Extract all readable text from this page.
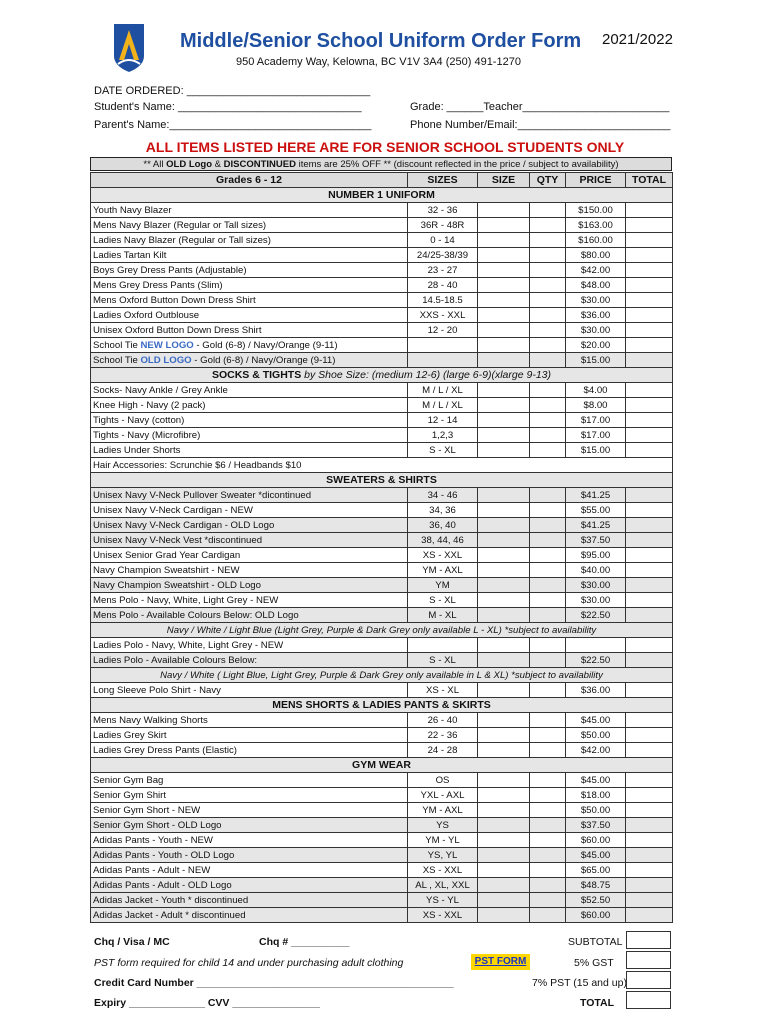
Middle/Senior School Uniform Order Form 2021/2022
950 Academy Way, Kelowna, BC V1V 3A4 (250) 491-1270
DATE ORDERED: ______________________________
Student's Name: ______________________________
Parent's Name:_________________________________
Grade: ______Teacher________________________
Phone Number/Email:_________________________
ALL ITEMS LISTED HERE ARE FOR SENIOR SCHOOL STUDENTS ONLY
** All OLD Logo & DISCONTINUED items are 25% OFF ** (discount reflected in the price / subject to availability)
Grades 6 - 12	SIZES	SIZE	QTY	PRICE	TOTAL
NUMBER 1 UNIFORM					
Youth Navy Blazer	32 - 36			$150.00	
Mens Navy Blazer (Regular or Tall sizes)	36R - 48R			$163.00	
Ladies Navy Blazer (Regular or Tall sizes)	0 - 14			$160.00	
Ladies Tartan Kilt	24/25-38/39			$80.00	
Boys Grey Dress Pants (Adjustable)	23 - 27			$42.00	
Mens Grey Dress Pants (Slim)	28 - 40			$48.00	
Mens Oxford Button Down Dress Shirt	14.5-18.5			$30.00	
Ladies Oxford Outblouse	XXS - XXL			$36.00	
Unisex Oxford Button Down Dress Shirt	12 - 20			$30.00	
School Tie NEW LOGO - Gold (6-8) / Navy/Orange (9-11)				$20.00	
School Tie OLD LOGO - Gold (6-8) / Navy/Orange (9-11)				$15.00	
SOCKS & TIGHTS by Shoe Size: (medium 12-6) (large 6-9)(xlarge 9-13)					
Socks- Navy Ankle / Grey Ankle	M / L / XL			$4.00	
Knee High - Navy (2 pack)	M / L / XL			$8.00	
Tights - Navy (cotton)	12 - 14			$17.00	
Tights - Navy (Microfibre)	1,2,3			$17.00	
Ladies Under Shorts	S - XL			$15.00	
Hair Accessories: Scrunchie $6 / Headbands $10					
SWEATERS & SHIRTS					
Unisex Navy V-Neck Pullover Sweater *dicontinued	34 - 46			$41.25	
Unisex Navy V-Neck Cardigan - NEW	34, 36			$55.00	
Unisex Navy V-Neck Cardigan - OLD Logo	36, 40			$41.25	
Unisex Navy V-Neck Vest *discontinued	38, 44, 46			$37.50	
Unisex Senior Grad Year Cardigan	XS - XXL			$95.00	
Navy Champion Sweatshirt - NEW	YM - AXL			$40.00	
Navy Champion Sweatshirt - OLD Logo	YM			$30.00	
Mens Polo - Navy, White, Light Grey - NEW	S - XL			$30.00	
Mens Polo - Available Colours Below: OLD Logo	M - XL			$22.50	
Navy / White / Light Blue (Light Grey, Purple & Dark Grey only available L - XL) *subject to availability					
Ladies Polo - Navy, White, Light Grey - NEW					
Ladies Polo - Available Colours Below:	S - XL			$22.50	
Navy / White ( Light Blue, Light Grey, Purple & Dark Grey only available in L & XL) *subject to availability					
Long Sleeve Polo Shirt - Navy	XS - XL			$36.00	
MENS SHORTS & LADIES PANTS & SKIRTS					
Mens Navy Walking Shorts	26 - 40			$45.00	
Ladies Grey Skirt	22 - 36			$50.00	
Ladies Grey Dress Pants (Elastic)	24 - 28			$42.00	
GYM WEAR					
Senior Gym Bag	OS			$45.00	
Senior Gym Shirt	YXL - AXL			$18.00	
Senior Gym Short - NEW	YM - AXL			$50.00	
Senior Gym Short - OLD Logo	YS			$37.50	
Adidas Pants - Youth - NEW	YM - YL			$60.00	
Adidas Pants - Youth - OLD Logo	YS, YL			$45.00	
Adidas Pants - Adult - NEW	XS - XXL			$65.00	
Adidas Pants - Adult - OLD Logo	AL , XL, XXL			$48.75	
Adidas Jacket - Youth * discontinued	YS - YL			$52.50	
Adidas Jacket - Adult * discontinued	XS - XXL			$60.00	
Chq / Visa / MC	Chq # __________	SUBTOTAL
PST form required for child 14 and under purchasing adult clothing	PST FORM	5% GST
Credit Card Number ____________________________________________	7% PST (15 and up)
Expiry _____________ CVV _______________	TOTAL
